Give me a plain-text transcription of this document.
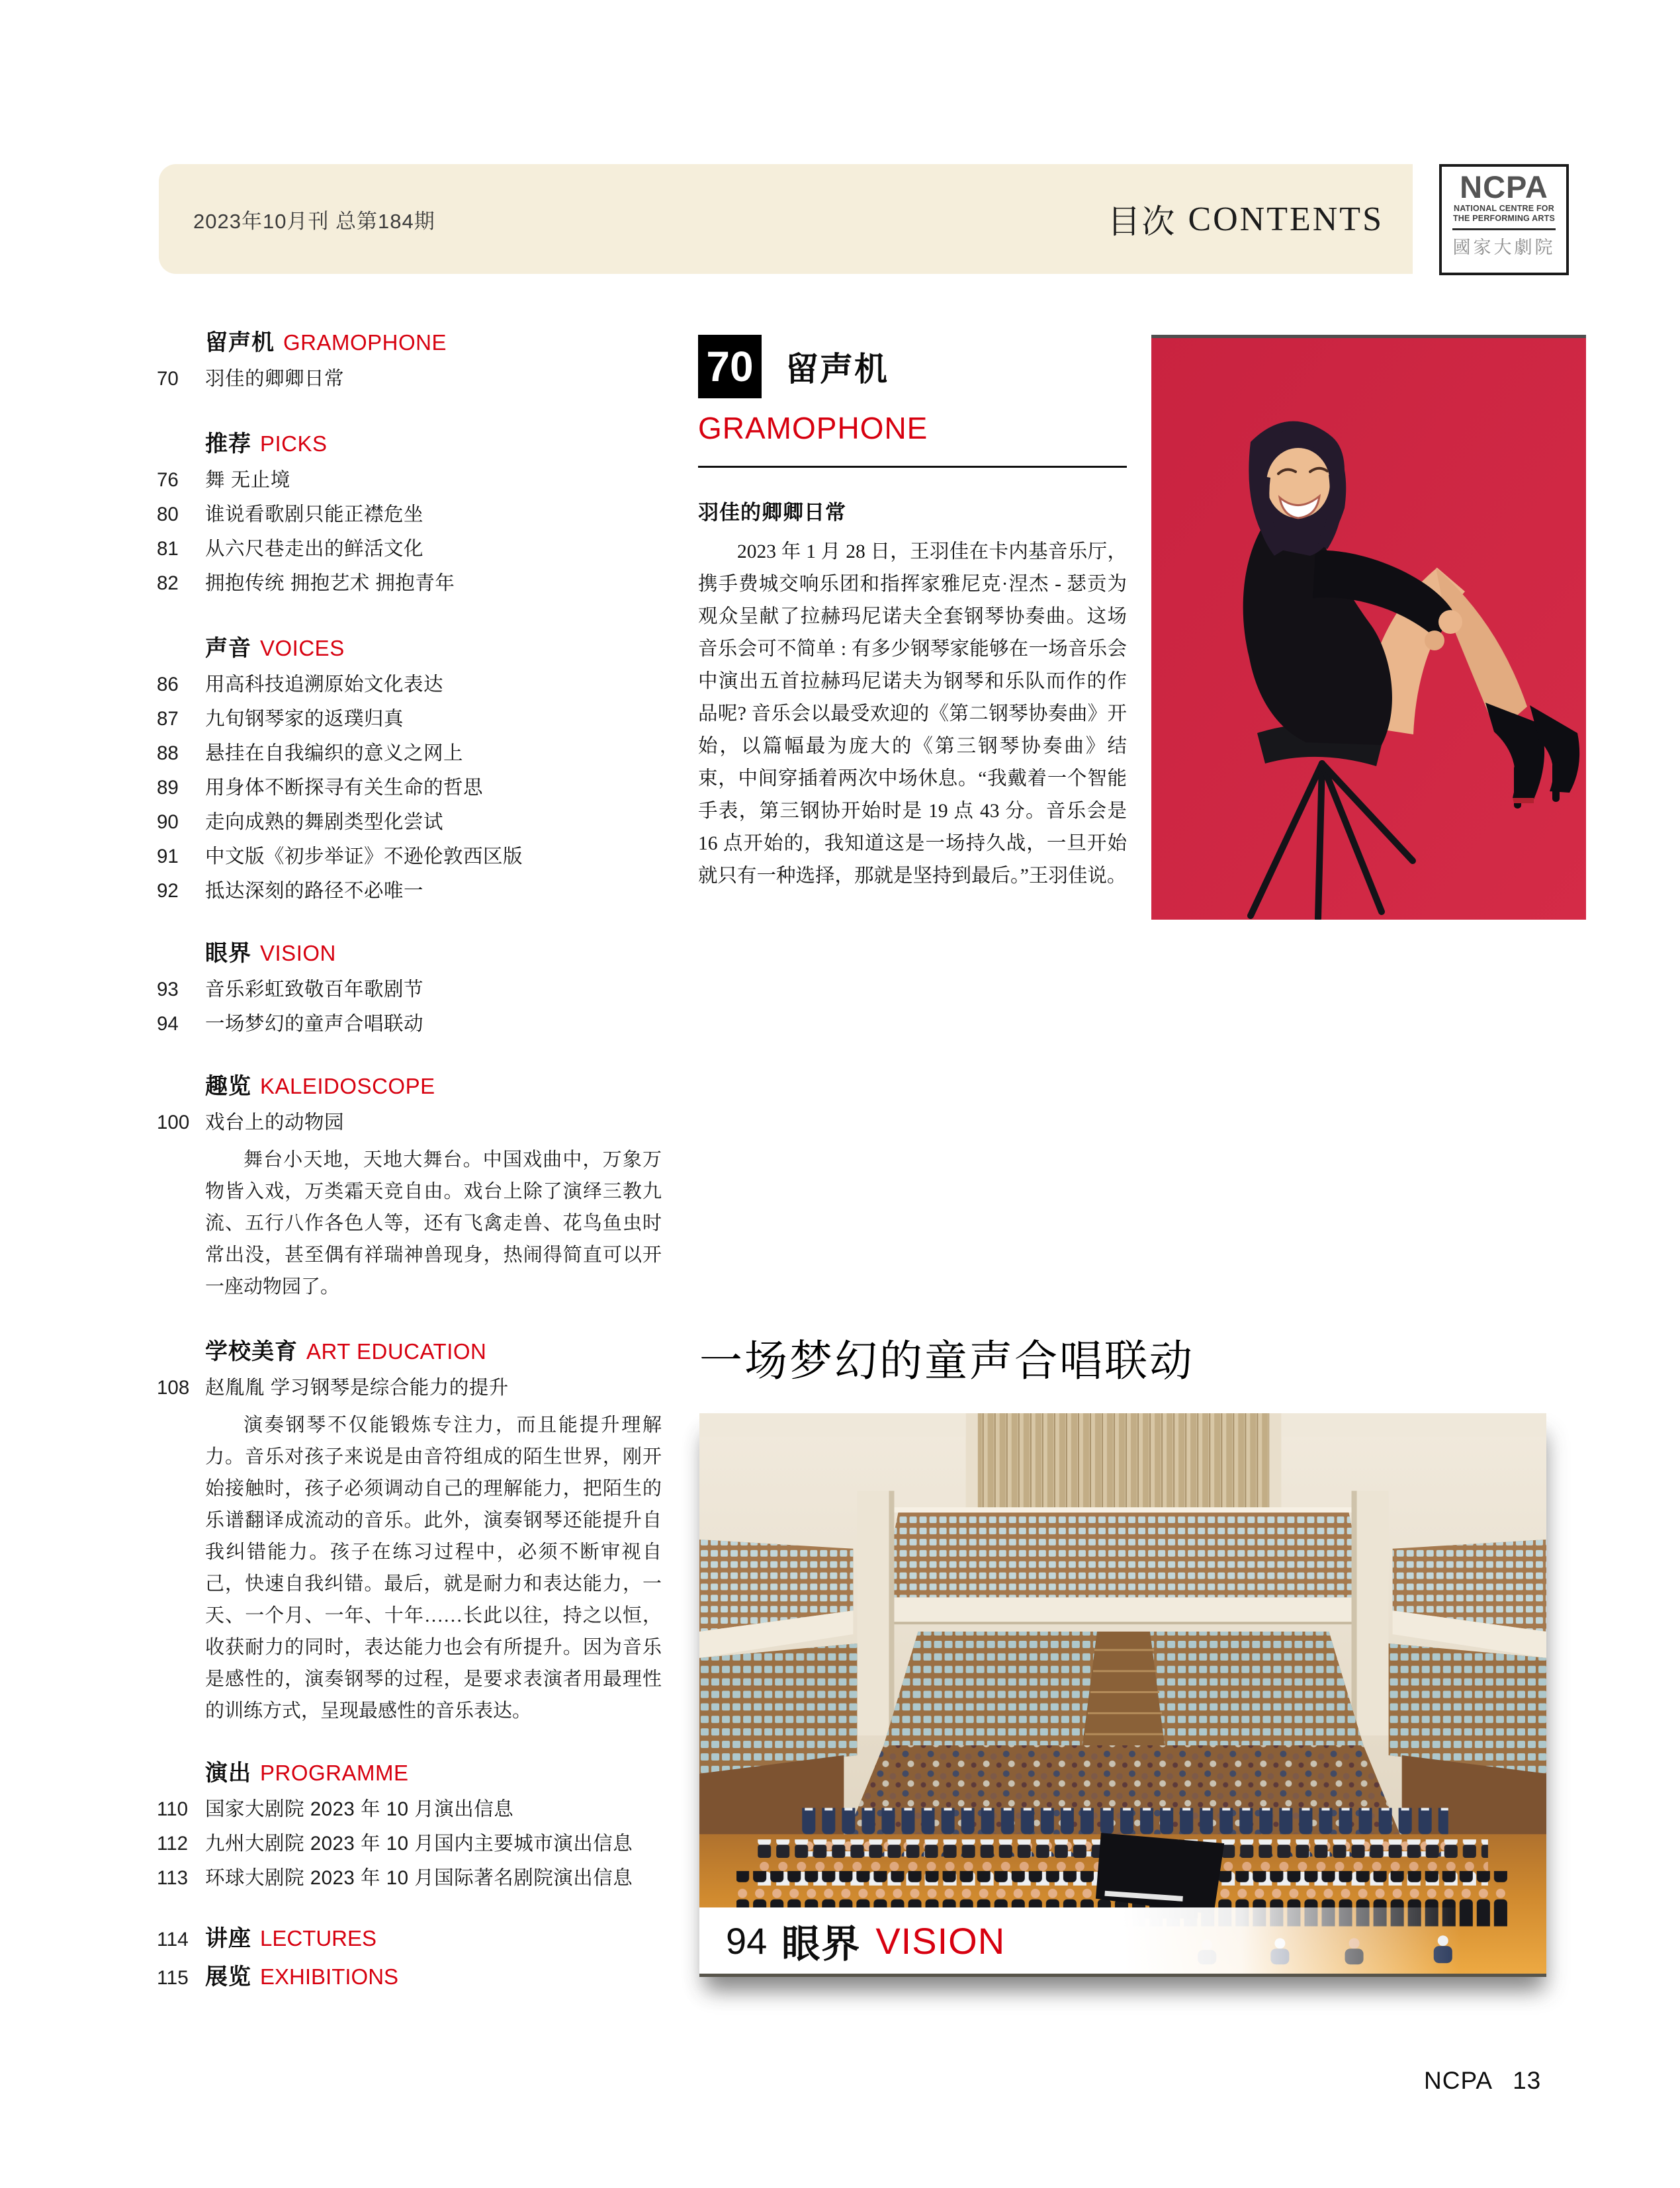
2023年10月刊 总第184期	目次 CONTENTS
NCPA
NATIONAL CENTRE FOR
THE PERFORMING ARTS
國家大劇院
留声机 GRAMOPHONE
70	羽佳的卿卿日常
推荐 PICKS
76	舞 无止境
80	谁说看歌剧只能正襟危坐
81	从六尺巷走出的鲜活文化
82	拥抱传统 拥抱艺术 拥抱青年
声音 VOICES
86	用高科技追溯原始文化表达
87	九旬钢琴家的返璞归真
88	悬挂在自我编织的意义之网上
89	用身体不断探寻有关生命的哲思
90	走向成熟的舞剧类型化尝试
91	中文版《初步举证》不逊伦敦西区版
92	抵达深刻的路径不必唯一
眼界 VISION
93	音乐彩虹致敬百年歌剧节
94	一场梦幻的童声合唱联动
趣览 KALEIDOSCOPE
100 戏台上的动物园

舞台小天地，天地大舞台。中国戏曲中，万象万物皆入戏，万类霜天竞自由。戏台上除了演绎三教九流、五行八作各色人等，还有飞禽走兽、花鸟鱼虫时常出没，甚至偶有祥瑞神兽现身，热闹得简直可以开一座动物园了。

学校美育 ART EDUCATION
108 赵胤胤 学习钢琴是综合能力的提升

演奏钢琴不仅能锻炼专注力，而且能提升理解力。音乐对孩子来说是由音符组成的陌生世界，刚开始接触时，孩子必须调动自己的理解能力，把陌生的乐谱翻译成流动的音乐。此外，演奏钢琴还能提升自我纠错能力。孩子在练习过程中，必须不断审视自己，快速自我纠错。最后，就是耐力和表达能力，一天、一个月、一年、十年……长此以往，持之以恒，收获耐力的同时，表达能力也会有所提升。因为音乐是感性的，演奏钢琴的过程，是要求表演者用最理性的训练方式，呈现最感性的音乐表达。

演出 PROGRAMME
110 国家大剧院 2023 年 10 月演出信息
112 九州大剧院 2023 年 10 月国内主要城市演出信息
113 环球大剧院 2023 年 10 月国际著名剧院演出信息
114 讲座 LECTURES
115 展览 EXHIBITIONS
70 留声机
GRAMOPHONE
羽佳的卿卿日常

2023 年 1 月 28 日，王羽佳在卡内基音乐厅，携手费城交响乐团和指挥家雅尼克·涅杰 - 瑟贡为观众呈献了拉赫玛尼诺夫全套钢琴协奏曲。这场音乐会可不简单 : 有多少钢琴家能够在一场音乐会中演出五首拉赫玛尼诺夫为钢琴和乐队而作的作品呢? 音乐会以最受欢迎的《第二钢琴协奏曲》开始，以篇幅最为庞大的《第三钢琴协奏曲》结束，中间穿插着两次中场休息。“我戴着一个智能手表，第三钢协开始时是 19 点 43 分。音乐会是 16 点开始的，我知道这是一场持久战，一旦开始就只有一种选择，那就是坚持到最后。”王羽佳说。

一场梦幻的童声合唱联动
94 眼界 VISION
NCPA 13
